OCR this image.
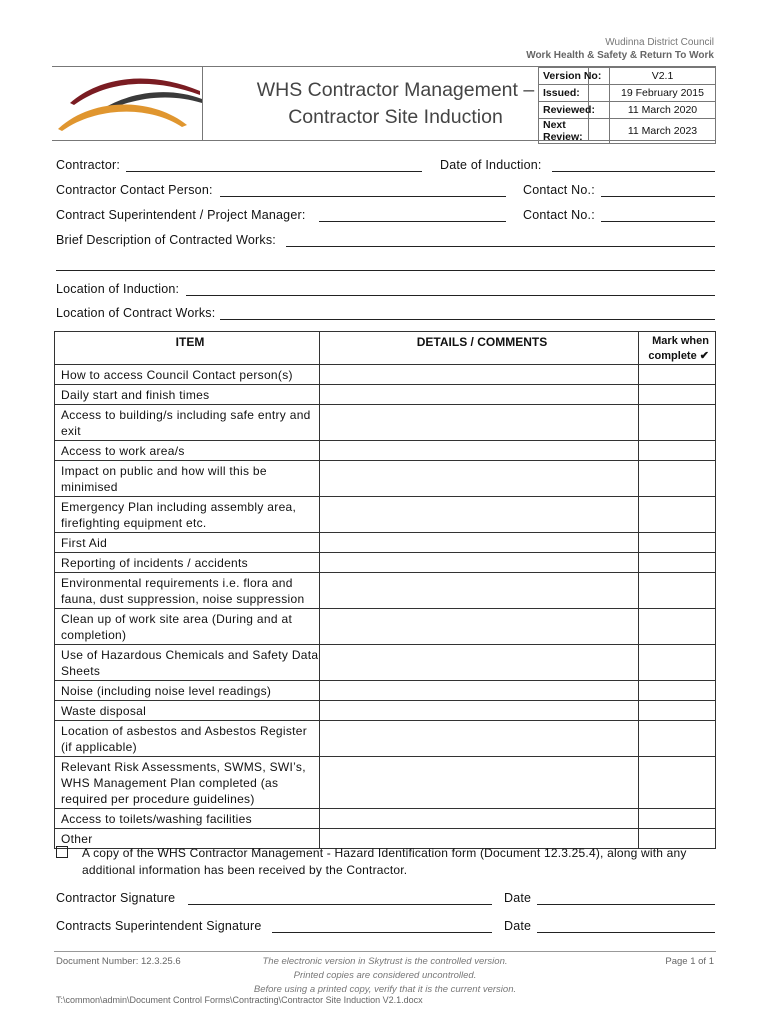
Wudinna District Council
Work Health & Safety & Return To Work
WHS Contractor Management –
Contractor Site Induction
Version No:	V2.1
Issued:	19 February 2015
Reviewed:	11 March 2020
Next Review:	11 March 2023
Contractor:	Date of Induction:
Contractor Contact Person:	Contact No.:
Contract Superintendent / Project Manager:	Contact No.:
Brief Description of Contracted Works:
Location of Induction:
Location of Contract Works:
ITEM	DETAILS / COMMENTS	Mark when
complete ✔

How to access Council Contact person(s)		
Daily start and finish times		
Access to building/s including safe entry and exit		
Access to work area/s		
Impact on public and how will this be minimised		
Emergency Plan including assembly area, firefighting equipment etc.		
First Aid		
Reporting of incidents / accidents		
Environmental requirements i.e. flora and fauna, dust suppression, noise suppression		
Clean up of work site area (During and at completion)		
Use of Hazardous Chemicals and Safety Data Sheets		
Noise (including noise level readings)		
Waste disposal		
Location of asbestos and Asbestos Register (if applicable)		
Relevant Risk Assessments, SWMS, SWI’s, WHS Management Plan completed (as required per procedure guidelines)		
Access to toilets/washing facilities		
Other		
A copy of the WHS Contractor Management - Hazard Identification form (Document 12.3.25.4), along with any additional information has been received by the Contractor.
Contractor Signature	Date
Contracts Superintendent Signature	Date
Document Number: 12.3.25.6	The electronic version in Skytrust is the controlled version.
Printed copies are considered uncontrolled.
Before using a printed copy, verify that it is the current version.
Page 1 of 1
T:\common\admin\Document Control Forms\Contracting\Contractor Site Induction V2.1.docx
